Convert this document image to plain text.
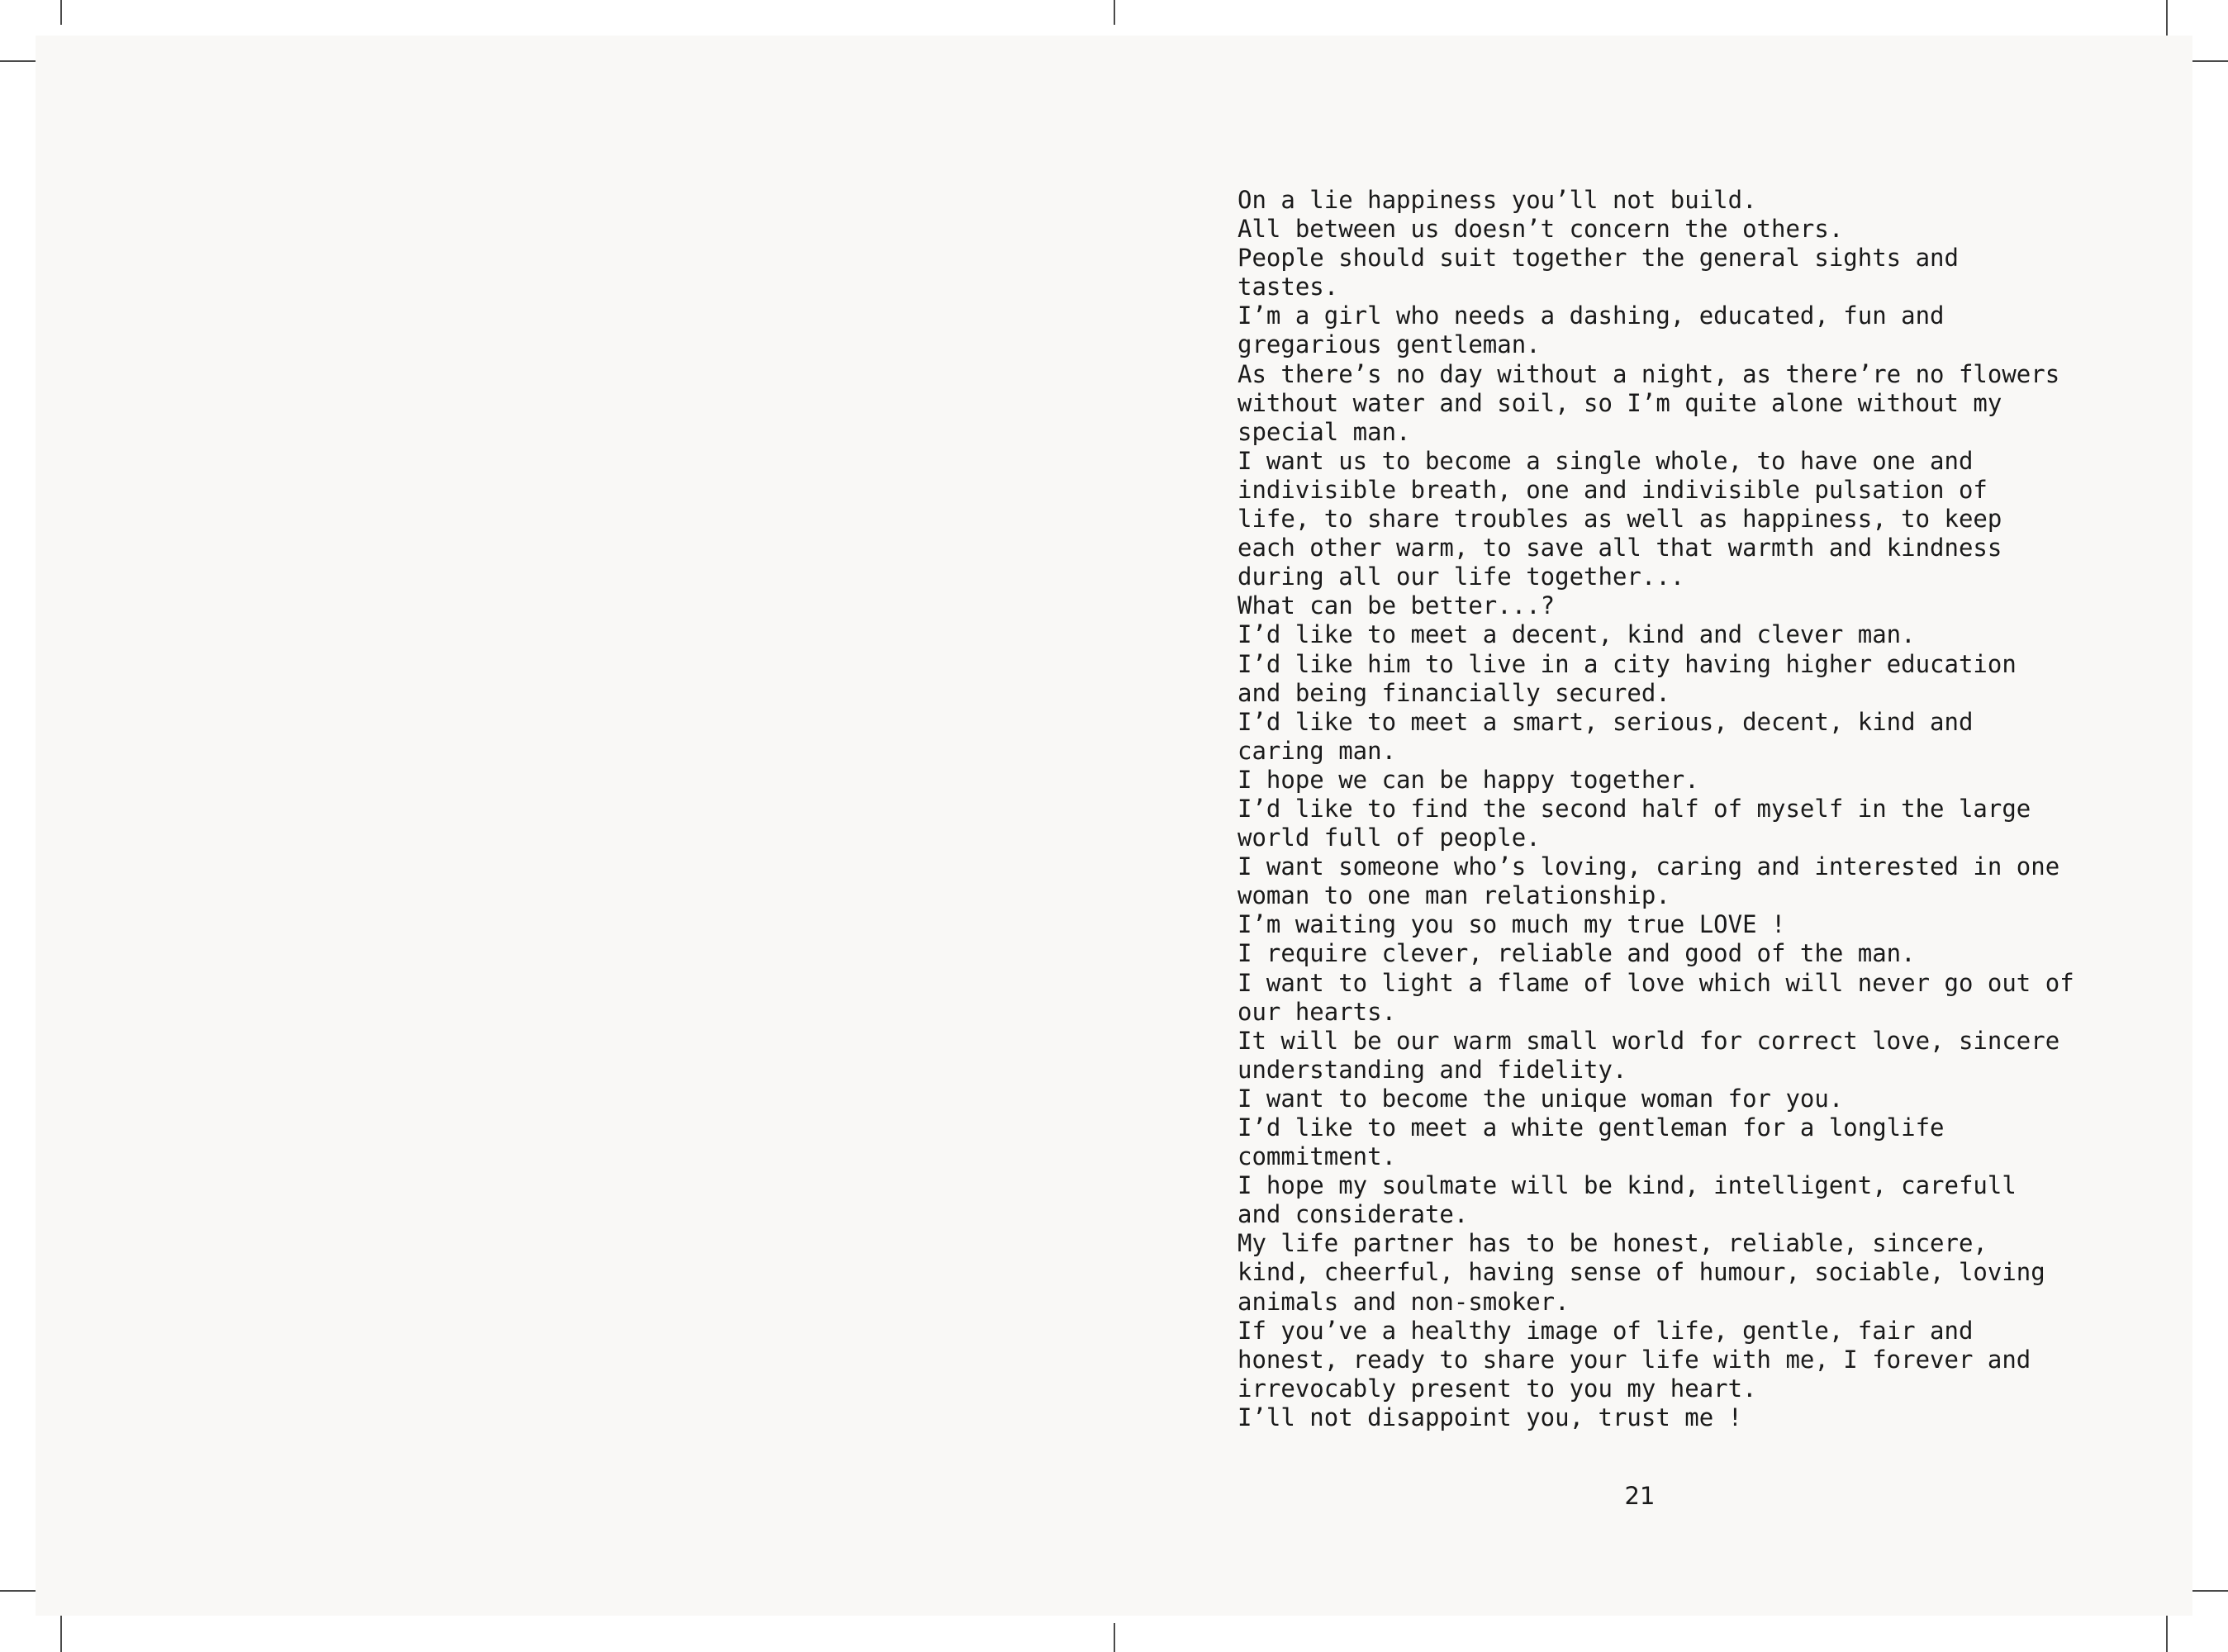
On a lie happiness you’ll not build.
All between us doesn’t concern the others.
People should suit together the general sights and
tastes.
I’m a girl who needs a dashing, educated, fun and
gregarious gentleman.
As there’s no day without a night, as there’re no flowers
without water and soil, so I’m quite alone without my
special man.
I want us to become a single whole, to have one and
indivisible breath, one and indivisible pulsation of
life, to share troubles as well as happiness, to keep
each other warm, to save all that warmth and kindness
during all our life together...
What can be better...?
I’d like to meet a decent, kind and clever man.
I’d like him to live in a city having higher education
and being financially secured.
I’d like to meet a smart, serious, decent, kind and
caring man.
I hope we can be happy together.
I’d like to find the second half of myself in the large
world full of people.
I want someone who’s loving, caring and interested in one
woman to one man relationship.
I’m waiting you so much my true LOVE !
I require clever, reliable and good of the man.
I want to light a flame of love which will never go out of
our hearts.
It will be our warm small world for correct love, sincere
understanding and fidelity.
I want to become the unique woman for you.
I’d like to meet a white gentleman for a longlife
commitment.
I hope my soulmate will be kind, intelligent, carefull
and considerate.
My life partner has to be honest, reliable, sincere,
kind, cheerful, having sense of humour, sociable, loving
animals and non-smoker.
If you’ve a healthy image of life, gentle, fair and
honest, ready to share your life with me, I forever and
irrevocably present to you my heart.
I’ll not disappoint you, trust me !
21
